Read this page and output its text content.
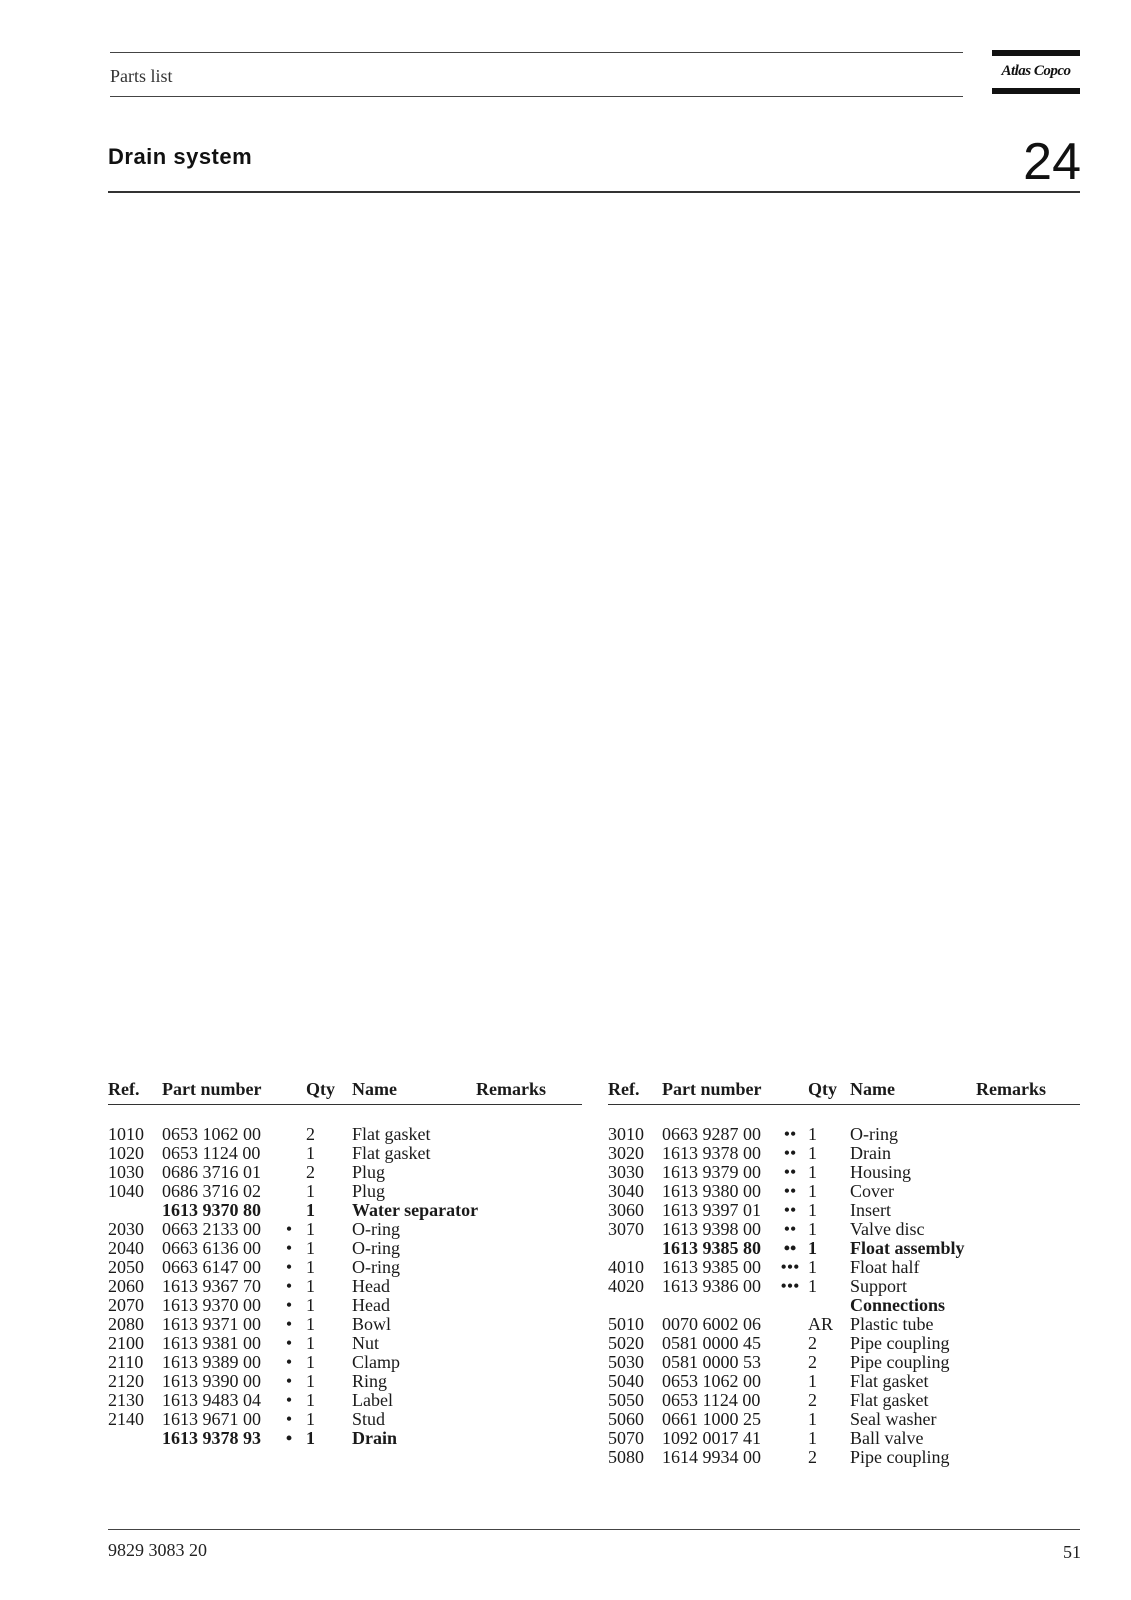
Parts list	Atlas Copco
Drain system	24
Ref. Part number Qty Name	Remarks
1010 0653 1062 00	2 Flat gasket
1020 0653 1124 00	1 Flat gasket
1030 0686 3716 01	2 Plug
1040 0686 3716 02	1 Plug
1613 9370 80	1 Water separator
2030 0663 2133 00	• 1 O-ring
2040 0663 6136 00	• 1 O-ring
2050 0663 6147 00	• 1 O-ring
2060 1613 9367 70	• 1 Head
2070 1613 9370 00	• 1 Head
2080 1613 9371 00	• 1 Bowl
2100 1613 9381 00	• 1 Nut
2110 1613 9389 00	• 1 Clamp
2120 1613 9390 00	• 1 Ring
2130 1613 9483 04	• 1 Label
2140 1613 9671 00	• 1 Stud
1613 9378 93	• 1 Drain
Ref. Part number	Qty Name	Remarks
3010 0663 9287 00	•• 1 O-ring
3020 1613 9378 00	•• 1 Drain
3030 1613 9379 00	•• 1 Housing
3040 1613 9380 00	•• 1 Cover
3060 1613 9397 01	•• 1 Insert
3070 1613 9398 00	•• 1 Valve disc
1613 9385 80	•• 1 Float assembly
4010 1613 9385 00	••• 1 Float half
4020 1613 9386 00	••• 1 Support
Connections
5010 0070 6002 06	AR Plastic tube
5020 0581 0000 45	2 Pipe coupling
5030 0581 0000 53	2 Pipe coupling
5040 0653 1062 00	1 Flat gasket
5050 0653 1124 00	2 Flat gasket
5060 0661 1000 25	1 Seal washer
5070 1092 0017 41	1 Ball valve
5080 1614 9934 00	2 Pipe coupling
9829 3083 20	51
